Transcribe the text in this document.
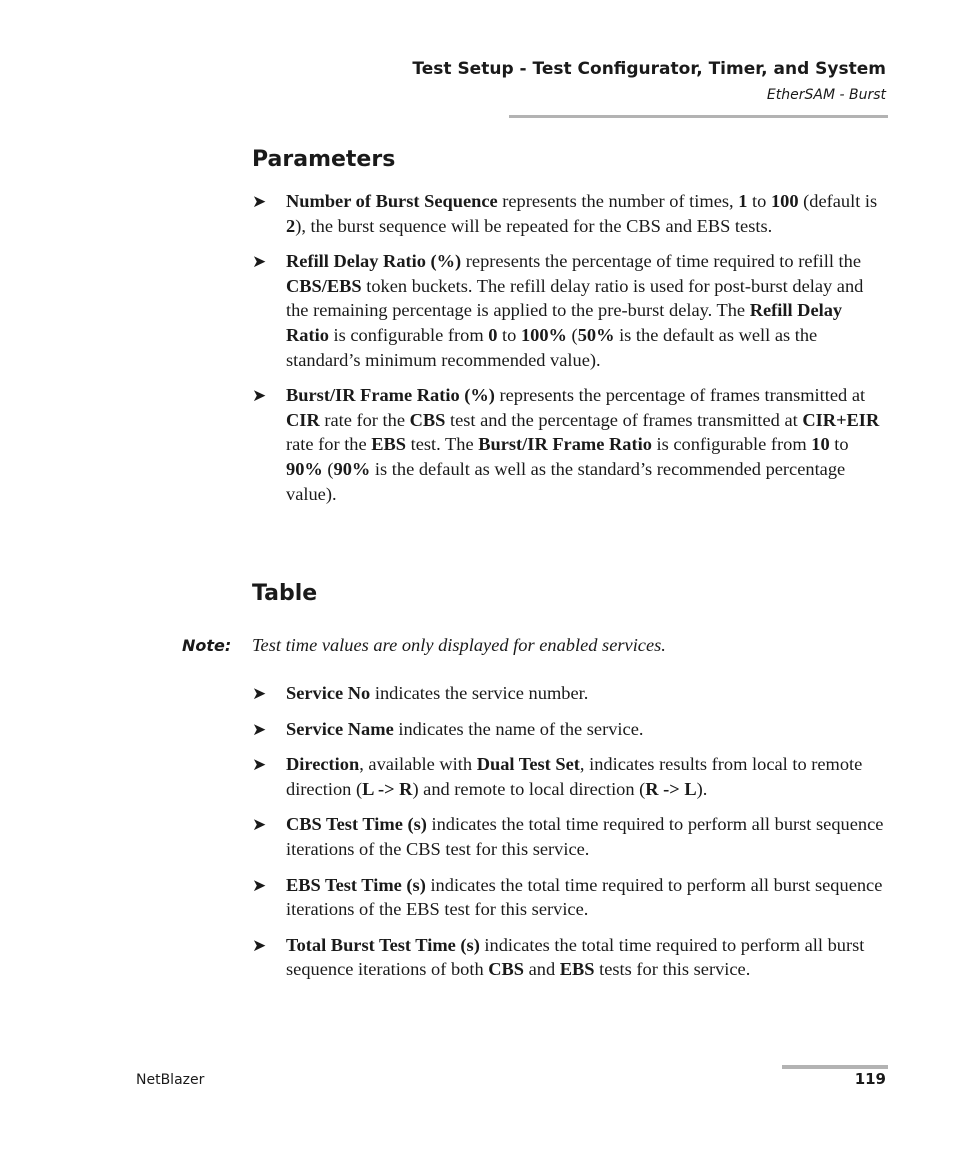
Test Setup - Test Configurator, Timer, and System
EtherSAM - Burst
Parameters
➤ Number of Burst Sequence represents the number of times, 1 to 100 (default is 2), the burst sequence will be repeated for the CBS and EBS tests.
➤ Refill Delay Ratio (%) represents the percentage of time required to refill the CBS/EBS token buckets. The refill delay ratio is used for post-burst delay and the remaining percentage is applied to the pre-burst delay. The Refill Delay Ratio is configurable from 0 to 100% (50% is the default as well as the standard’s minimum recommended value).
➤ Burst/IR Frame Ratio (%) represents the percentage of frames transmitted at CIR rate for the CBS test and the percentage of frames transmitted at CIR+EIR rate for the EBS test. The Burst/IR Frame Ratio is configurable from 10 to 90% (90% is the default as well as the standard’s recommended percentage value).
Table
Note: Test time values are only displayed for enabled services.
➤ Service No indicates the service number.
➤ Service Name indicates the name of the service.
➤ Direction, available with Dual Test Set, indicates results from local to remote direction (L -> R) and remote to local direction (R -> L).
➤ CBS Test Time (s) indicates the total time required to perform all burst sequence iterations of the CBS test for this service.
➤ EBS Test Time (s) indicates the total time required to perform all burst sequence iterations of the EBS test for this service.
➤ Total Burst Test Time (s) indicates the total time required to perform all burst sequence iterations of both CBS and EBS tests for this service.
NetBlazer	119
